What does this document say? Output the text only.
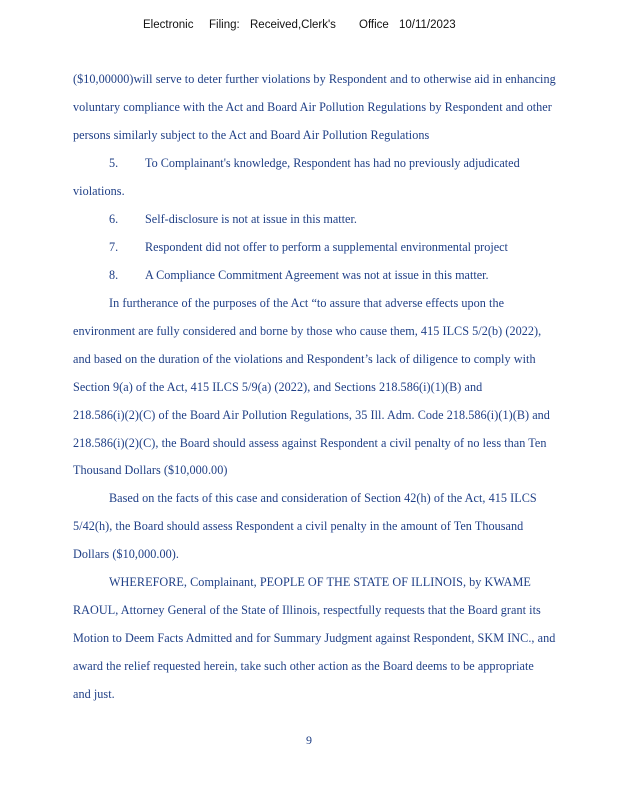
Electronic Filing: Received,Clerk's Office 10/11/2023
($10,00000)will serve to deter further violations by Respondent and to otherwise aid in enhancing
voluntary compliance with the Act and Board Air Pollution Regulations by Respondent and other
persons similarly subject to the Act and Board Air Pollution Regulations
5. To Complainant's knowledge, Respondent has had no previously adjudicated
violations.
6. Self-disclosure is not at issue in this matter.
7. Respondent did not offer to perform a supplemental environmental project
8. A Compliance Commitment Agreement was not at issue in this matter.
In furtherance of the purposes of the Act “to assure that adverse effects upon the
environment are fully considered and borne by those who cause them, 415 ILCS 5/2(b) (2022),
and based on the duration of the violations and Respondent’s lack of diligence to comply with
Section 9(a) of the Act, 415 ILCS 5/9(a) (2022), and Sections 218.586(i)(1)(B) and
218.586(i)(2)(C) of the Board Air Pollution Regulations, 35 Ill. Adm. Code 218.586(i)(1)(B) and
218.586(i)(2)(C), the Board should assess against Respondent a civil penalty of no less than Ten
Thousand Dollars ($10,000.00)
Based on the facts of this case and consideration of Section 42(h) of the Act, 415 ILCS
5/42(h), the Board should assess Respondent a civil penalty in the amount of Ten Thousand
Dollars ($10,000.00).
WHEREFORE, Complainant, PEOPLE OF THE STATE OF ILLINOIS, by KWAME
RAOUL, Attorney General of the State of Illinois, respectfully requests that the Board grant its
Motion to Deem Facts Admitted and for Summary Judgment against Respondent, SKM INC., and
award the relief requested herein, take such other action as the Board deems to be appropriate
and just.
9
